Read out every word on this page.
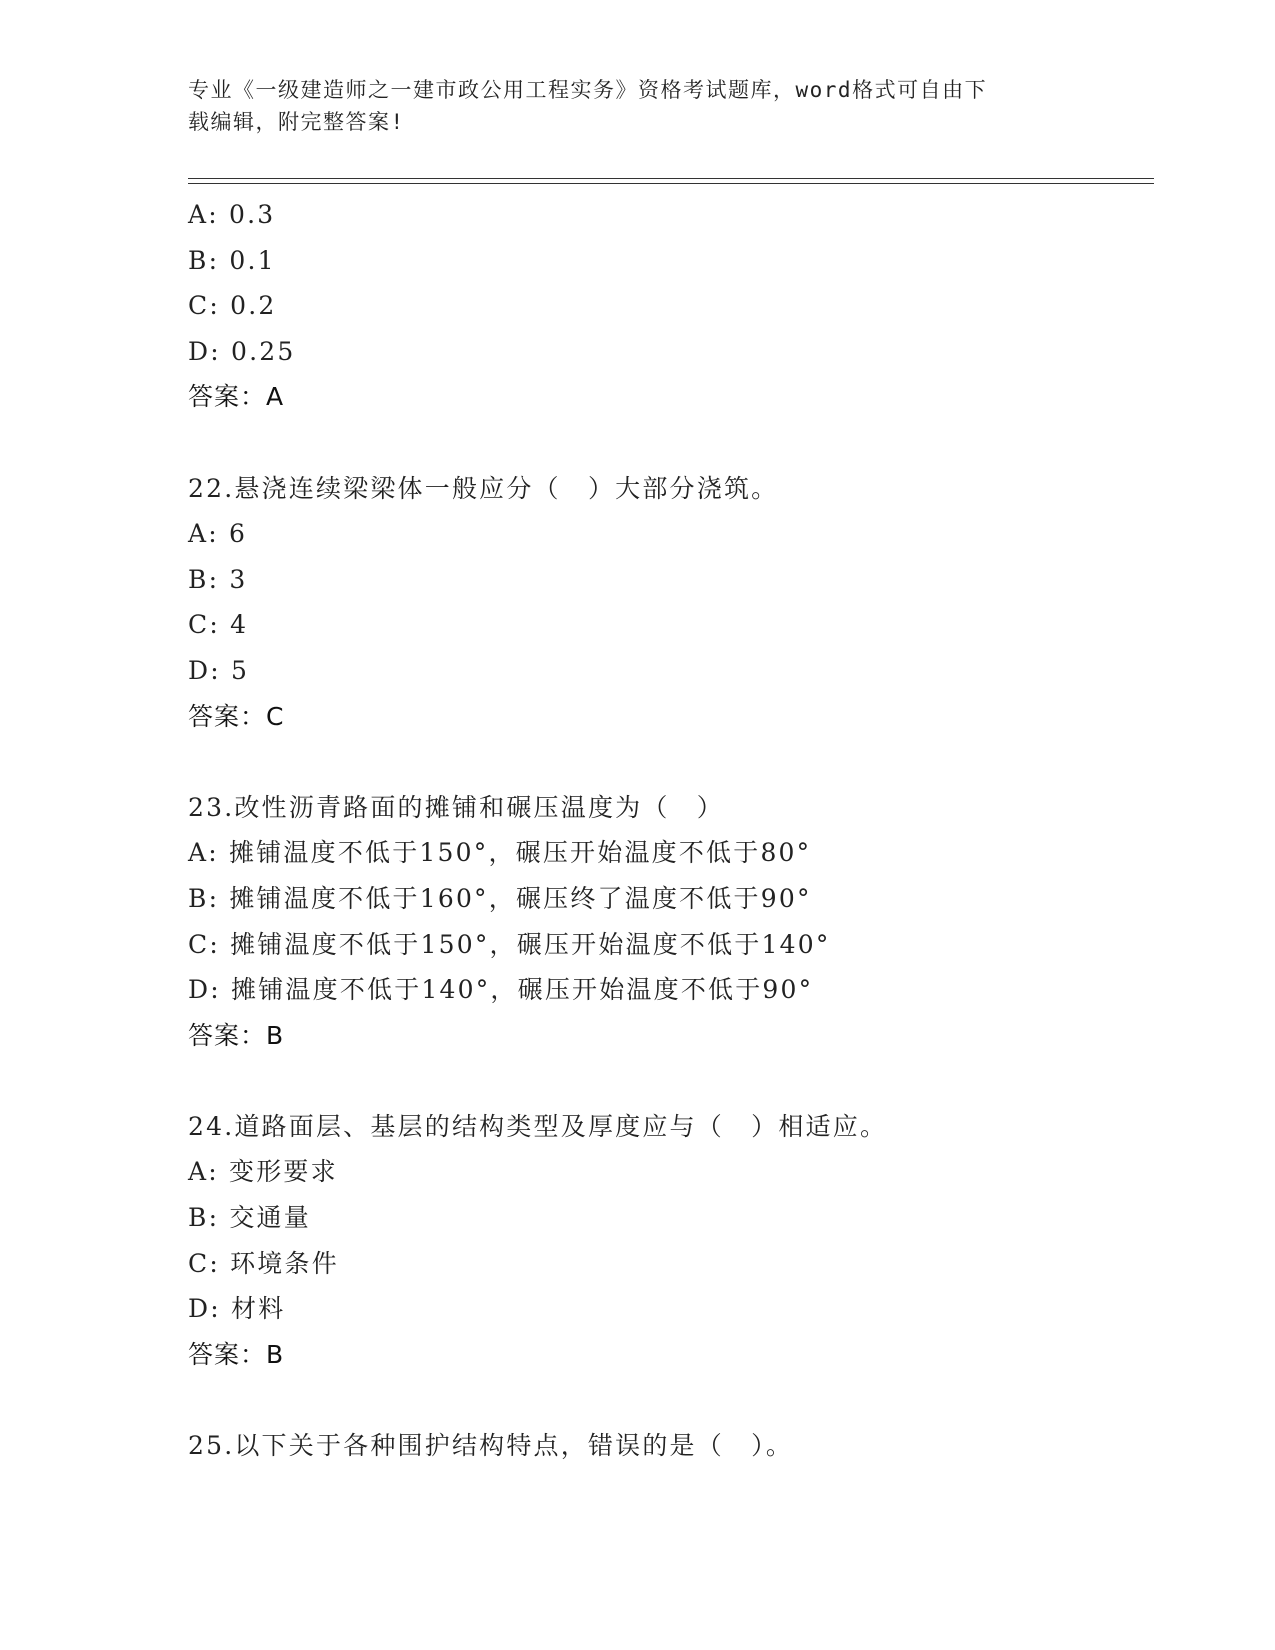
专业《一级建造师之一建市政公用工程实务》资格考试题库，word格式可自由下
载编辑，附完整答案!
A: 0.3
B: 0.1
C: 0.2
D: 0.25
答案：A
22.悬浇连续梁梁体一般应分（　）大部分浇筑。
A: 6
B: 3
C: 4
D: 5
答案：C
23.改性沥青路面的摊铺和碾压温度为（　）
A: 摊铺温度不低于150°，碾压开始温度不低于80°
B: 摊铺温度不低于160°，碾压终了温度不低于90°
C: 摊铺温度不低于150°，碾压开始温度不低于140°
D: 摊铺温度不低于140°，碾压开始温度不低于90°
答案：B
24.道路面层、基层的结构类型及厚度应与（　）相适应。
A: 变形要求
B: 交通量
C: 环境条件
D: 材料
答案：B
25.以下关于各种围护结构特点，错误的是（　）。
